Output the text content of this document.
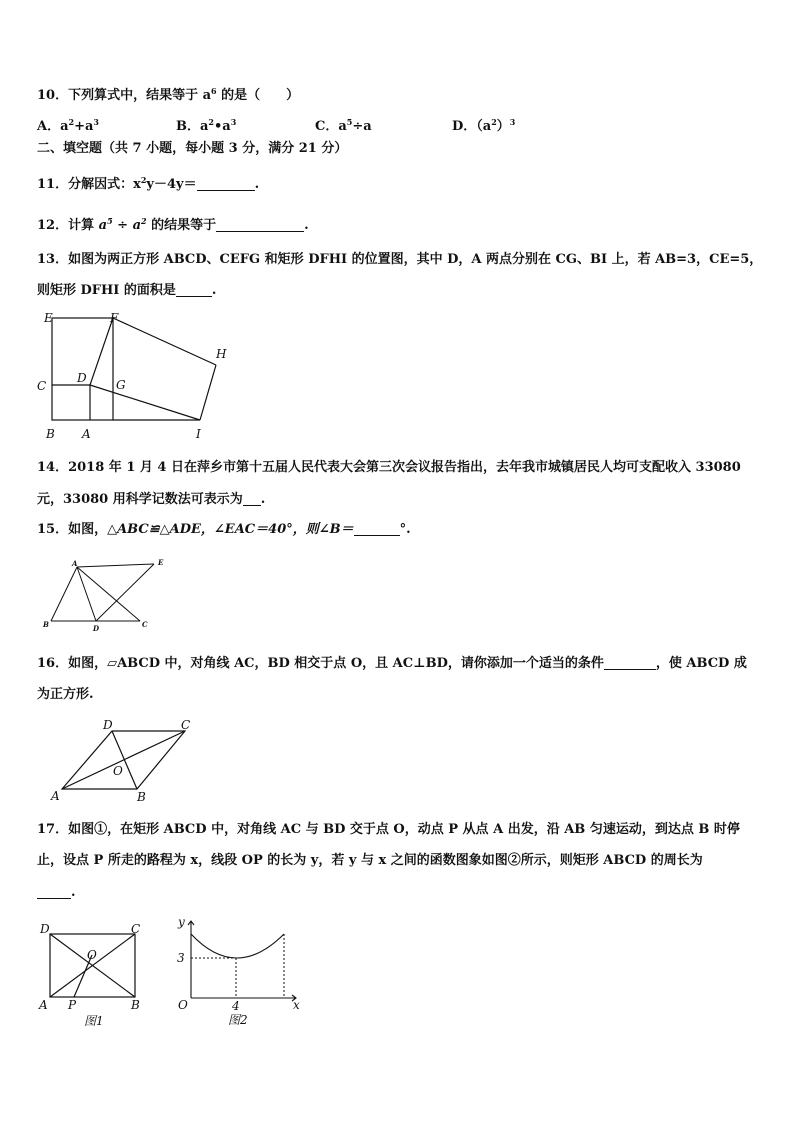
10．下列算式中，结果等于 $a^6$ 的是（　　）
A．$a^2+a^3$	B．$a^2•a^3$	C．$a^5\div a$	D．$(a^2)^3$
二、填空题（共 7 小题，每小题 3 分，满分 21 分）
11．分解因式：$x^2y-4y=$	.
12．计算 $a^5 \div a^2$ 的结果等于	.
13．如图为两正方形 ABCD、CEFG 和矩形 DFHI 的位置图，其中 D，A 两点分别在 CG、BI 上，若 AB=3，CE=5，
则矩形 DFHI 的面积是	.
E	F
H
C
D G
B A	I
14．2018 年 1 月 4 日在萍乡市第十五届人民代表大会第三次会议报告指出，去年我市城镇居民人均可支配收入 33080
元，33080 用科学记数法可表示为 .
15．如图，△ABC≌△ADE，∠EAC＝40°，则∠B＝	°.
A	E
B	D	C
16．如图，▱ABCD 中，对角线 AC，BD 相交于点 O，且 AC⊥BD，请你添加一个适当的条件	，使 ABCD 成
为正方形.
D	C
O
A	B
17．如图①，在矩形 ABCD 中，对角线 AC 与 BD 交于点 O，动点 P 从点 A 出发，沿 AB 匀速运动，到达点 B 时停
止，设点 P 所走的路程为 x，线段 OP 的长为 y，若 y 与 x 之间的函数图象如图②所示，则矩形 ABCD 的周长为
.
D	C
O
A P	B
图1
y
3
O	4	x
图2
